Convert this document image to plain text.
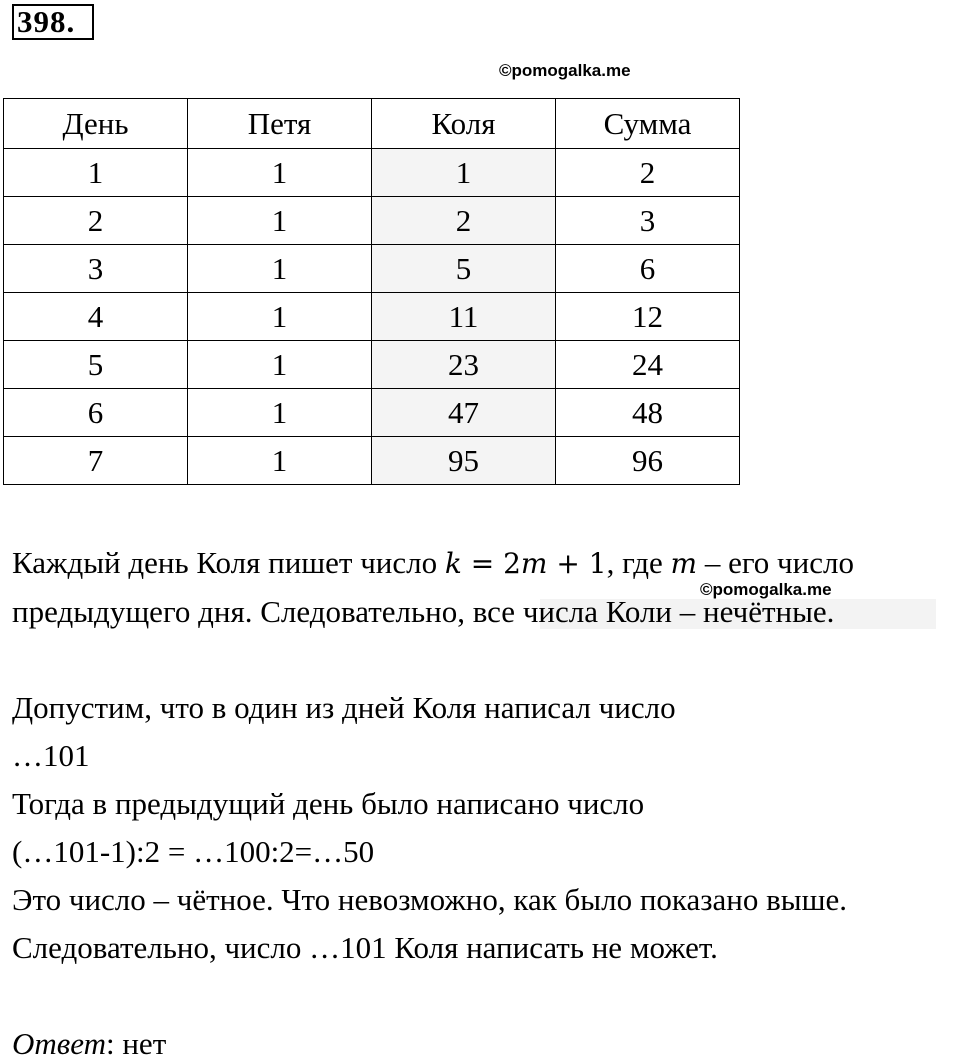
398.
©pomogalka.me
День	Петя	Коля	Сумма
1	1	1	2
2	1	2	3
3	1	5	6
4	1	11	12
5	1	23	24
6	1	47	48
7	1	95	96
Каждый день Коля пишет число k = 2m + 1, где m – его число
предыдущего дня. Следовательно, все числа Коли – нечётные.
©pomogalka.me
Допустим, что в один из дней Коля написал число
…101
Тогда в предыдущий день было написано число
(…101-1):2 = …100:2=…50
Это число – чётное. Что невозможно, как было показано выше.
Следовательно, число …101 Коля написать не может.
Ответ: нет
